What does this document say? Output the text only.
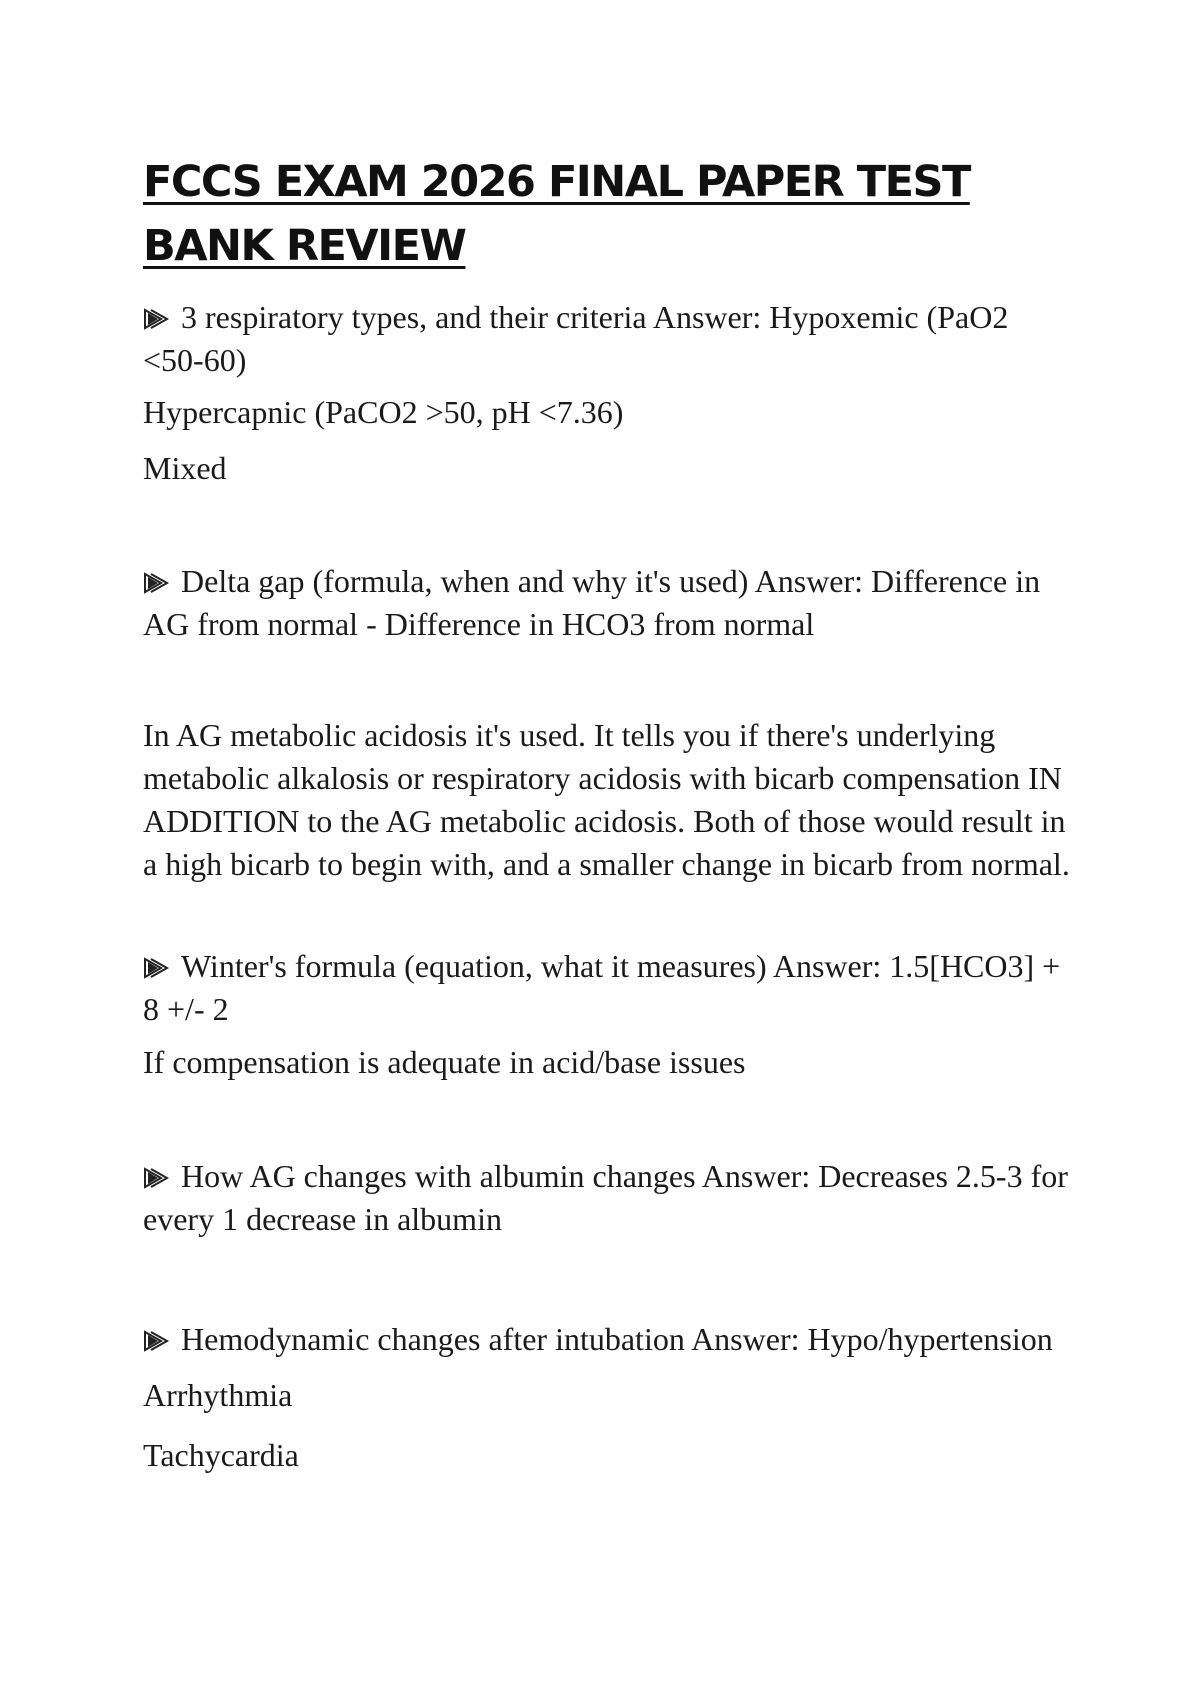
FCCS EXAM 2026 FINAL PAPER TEST BANK REVIEW

3 respiratory types, and their criteria Answer: Hypoxemic (PaO2 <50-60)

Hypercapnic (PaCO2 >50, pH <7.36)

Mixed

Delta gap (formula, when and why it's used) Answer: Difference in AG from normal - Difference in HCO3 from normal

In AG metabolic acidosis it's used. It tells you if there's underlying metabolic alkalosis or respiratory acidosis with bicarb compensation IN ADDITION to the AG metabolic acidosis. Both of those would result in a high bicarb to begin with, and a smaller change in bicarb from normal.

Winter's formula (equation, what it measures) Answer: 1.5[HCO3] + 8 +/- 2

If compensation is adequate in acid/base issues

How AG changes with albumin changes Answer: Decreases 2.5-3 for every 1 decrease in albumin

Hemodynamic changes after intubation Answer: Hypo/hypertension

Arrhythmia

Tachycardia
